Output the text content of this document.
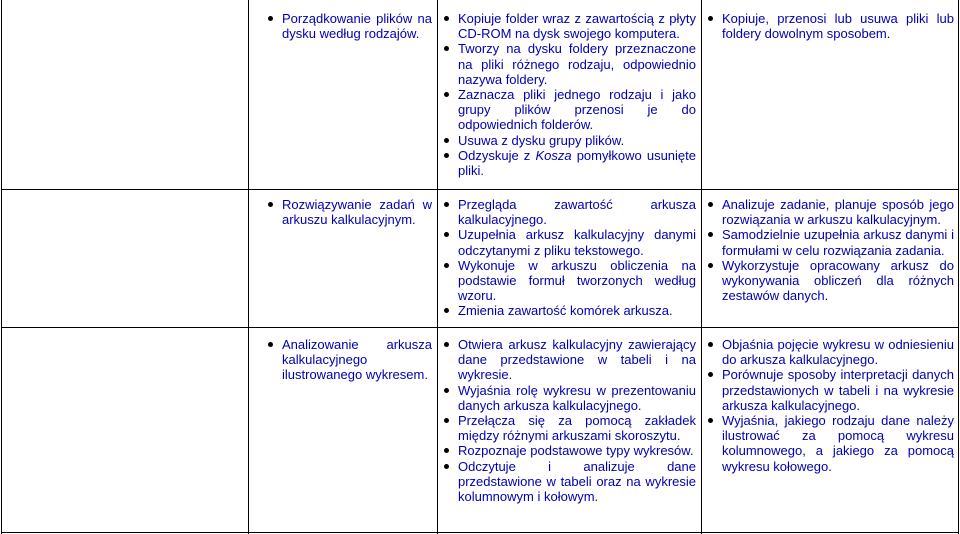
Porządkowanie plików na dysku według rodzajów.
Kopiuje folder wraz z zawartością z płyty CD-ROM na dysk swojego komputera.
Tworzy na dysku foldery przeznaczone na pliki różnego rodzaju, odpowiednio nazywa foldery.
Zaznacza pliki jednego rodzaju i jako grupy plików przenosi je do odpowiednich folderów.
Usuwa z dysku grupy plików.
Odzyskuje z Kosza pomyłkowo usunięte pliki.
Kopiuje, przenosi lub usuwa pliki lub foldery dowolnym sposobem.
Rozwiązywanie zadań w arkuszu kalkulacyjnym.
Przegląda zawartość arkusza kalkulacyjnego.
Uzupełnia arkusz kalkulacyjny danymi odczytanymi z pliku tekstowego.
Wykonuje w arkuszu obliczenia na podstawie formuł tworzonych według wzoru.
Zmienia zawartość komórek arkusza.
Analizuje zadanie, planuje sposób jego rozwiązania w arkuszu kalkulacyjnym.
Samodzielnie uzupełnia arkusz danymi i formułami w celu rozwiązania zadania.
Wykorzystuje opracowany arkusz do wykonywania obliczeń dla różnych zestawów danych.
Analizowanie arkusza kalkulacyjnego ilustrowanego wykresem.
Otwiera arkusz kalkulacyjny zawierający dane przedstawione w tabeli i na wykresie.
Wyjaśnia rolę wykresu w prezentowaniu danych arkusza kalkulacyjnego.
Przełącza się za pomocą zakładek między różnymi arkuszami skoroszytu.
Rozpoznaje podstawowe typy wykresów.
Odczytuje i analizuje dane przedstawione w tabeli oraz na wykresie kolumnowym i kołowym.
Objaśnia pojęcie wykresu w odniesieniu do arkusza kalkulacyjnego.
Porównuje sposoby interpretacji danych przedstawionych w tabeli i na wykresie arkusza kalkulacyjnego.
Wyjaśnia, jakiego rodzaju dane należy ilustrować za pomocą wykresu kolumnowego, a jakiego za pomocą wykresu kołowego.
